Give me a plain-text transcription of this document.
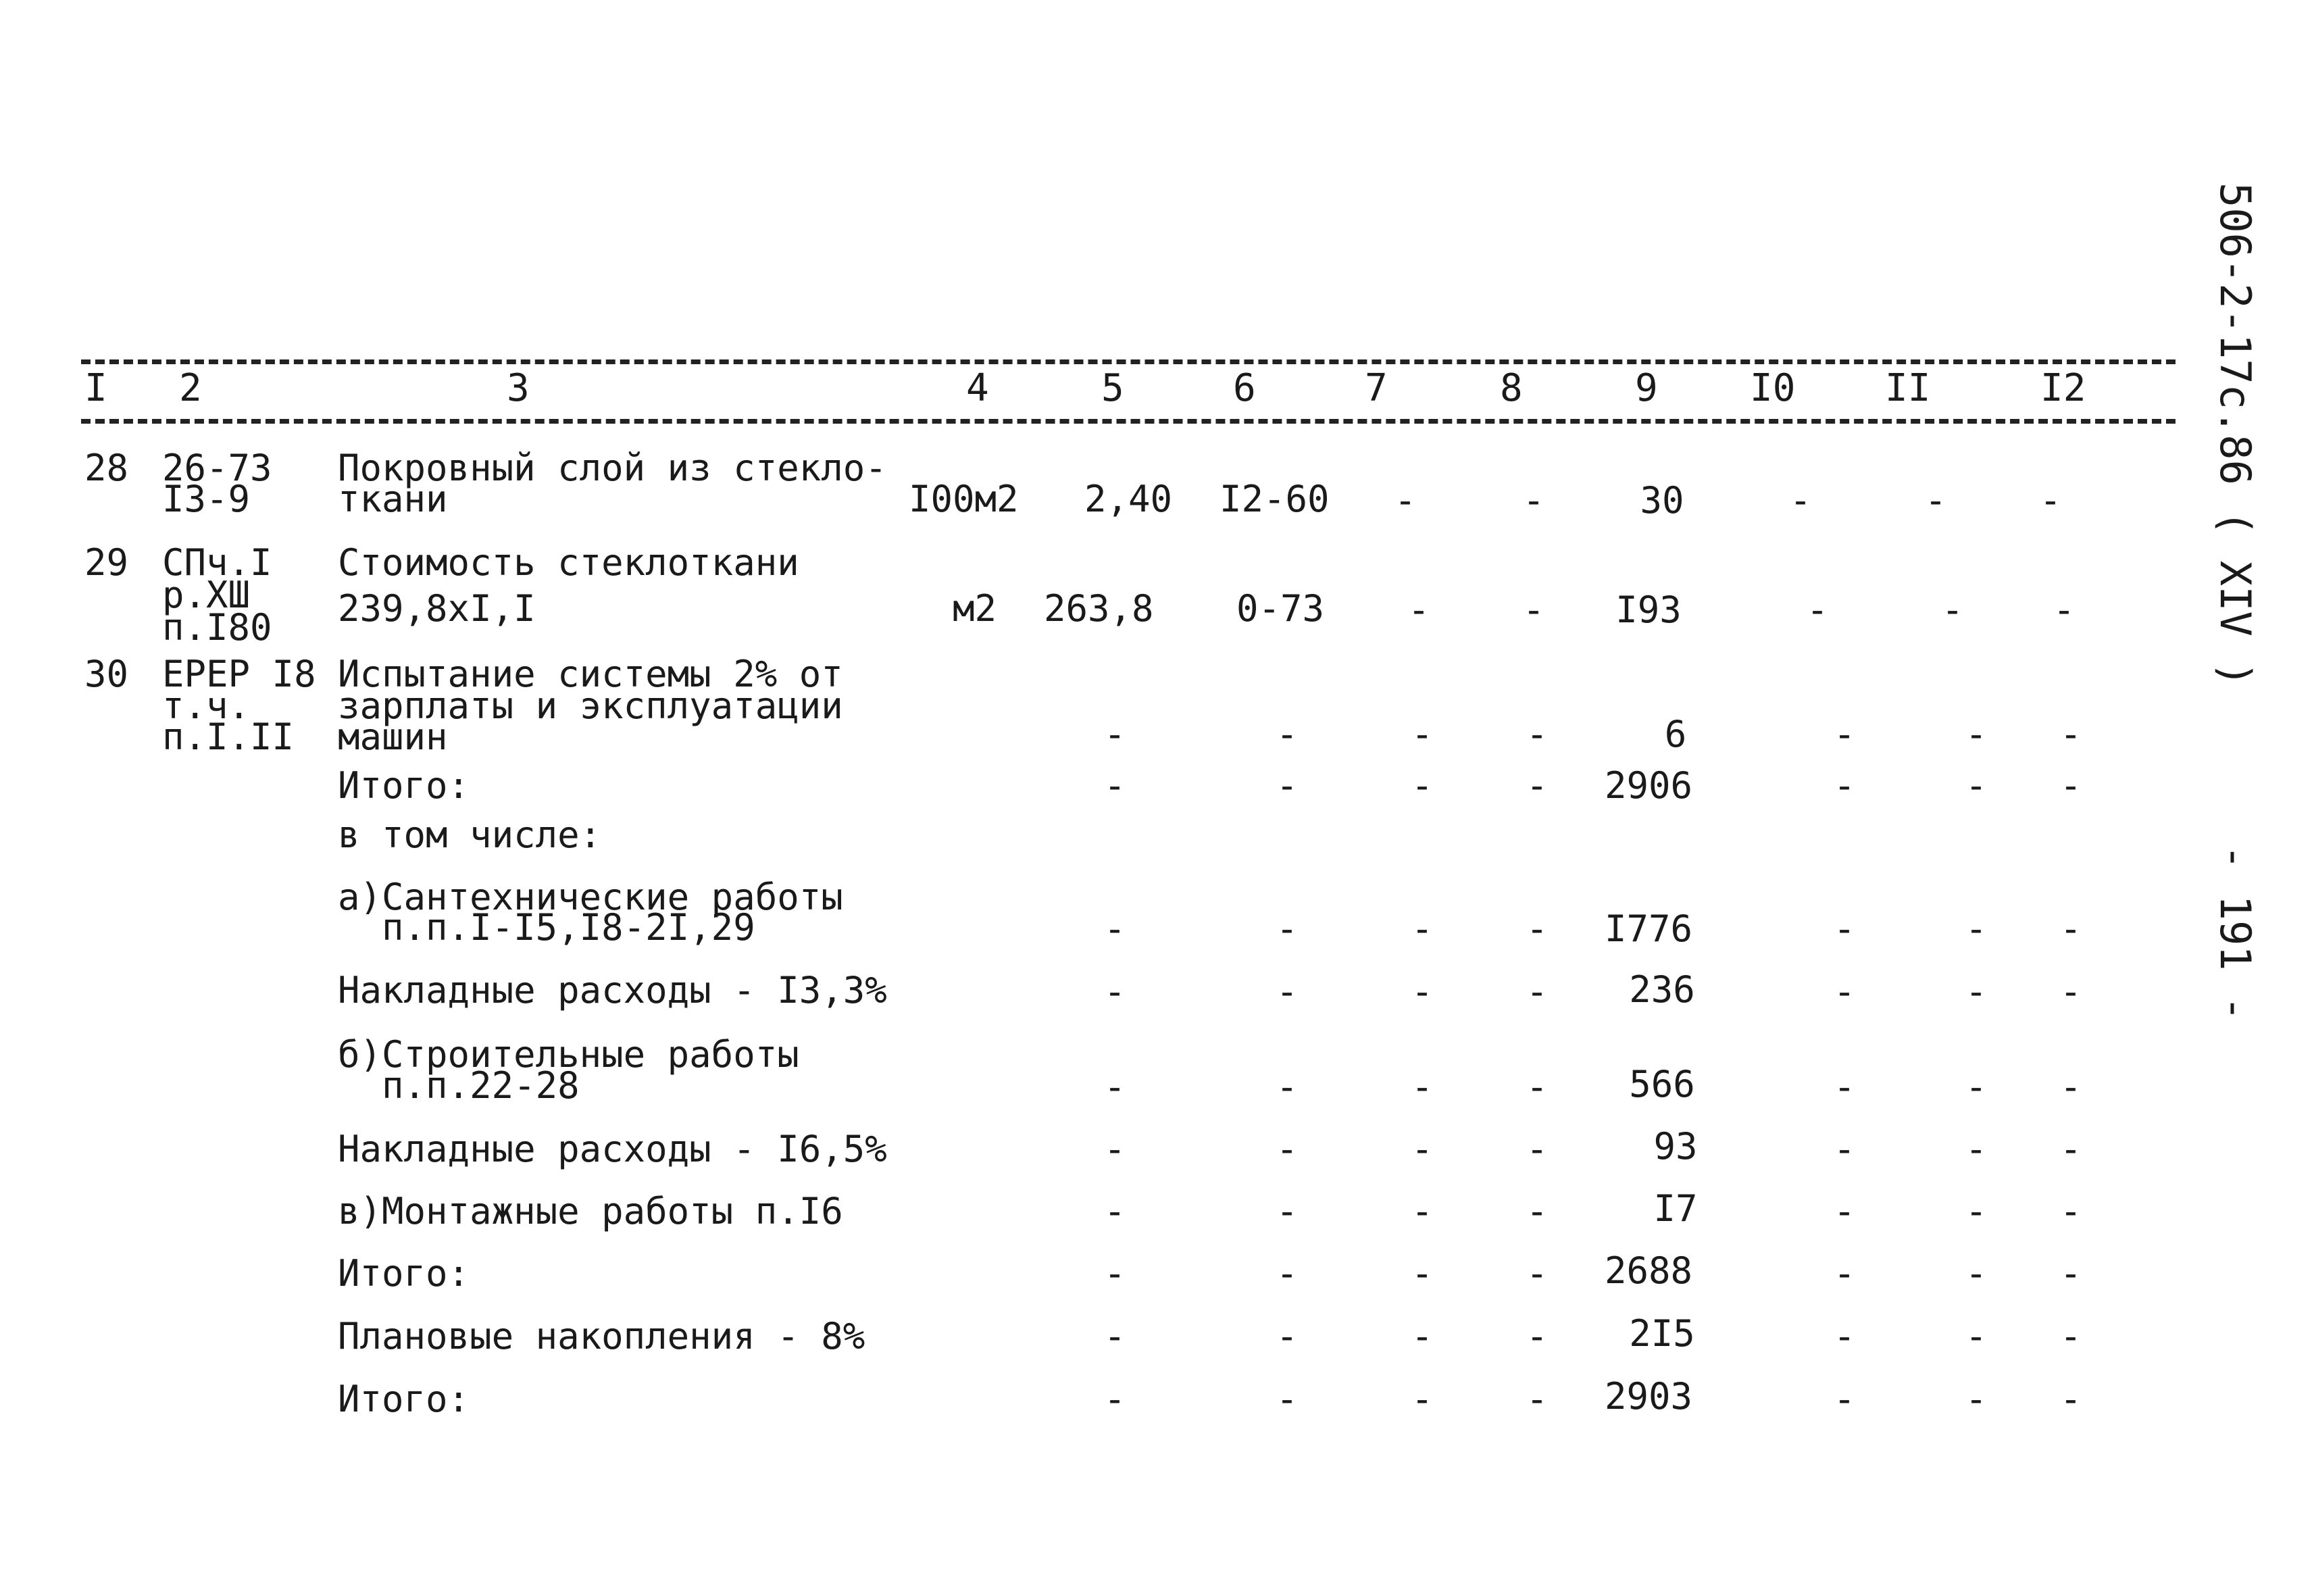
506-2-17с.86 ( XIV )
- 191 -
I 2	3	4	5	6	7	8	9 I0 II	I2
28 26-73
I3-9
Покровный слой из стекло-
ткани	I00м2 2,40 I2-60	-	-	30	-	-	-
29 СПч.I
р.XШ
п.I80
Стоимость стеклоткани
239,8хI,I	м2 263,8 0-73	-	-	I93	-	-	-
30 ЕРЕР I8
т.ч.
п.I.II
Испытание системы 2% от
зарплаты и эксплуатации
машин	-	-	-	-	6	-	-	-
Итого:	-	-	-	-	2906	-	-	-
в том числе:
а)Сантехнические работы
п.п.I-I5,I8-2I,29	-	-	-	-	I776	-	-	-
Накладные расходы - I3,3%	-	-	-	-	236	-	-	-
б)Строительные работы
п.п.22-28	-	-	-	-	566	-	-	-
Накладные расходы - I6,5%	-	-	-	-	93	-	-	-
в)Монтажные работы п.I6	-	-	-	-	I7	-	-	-
Итого:	-	-	-	-	2688	-	-	-
Плановые накопления - 8%	-	-	-	-	2I5	-	-	-
Итого:	-	-	-	-	2903	-	-	-
